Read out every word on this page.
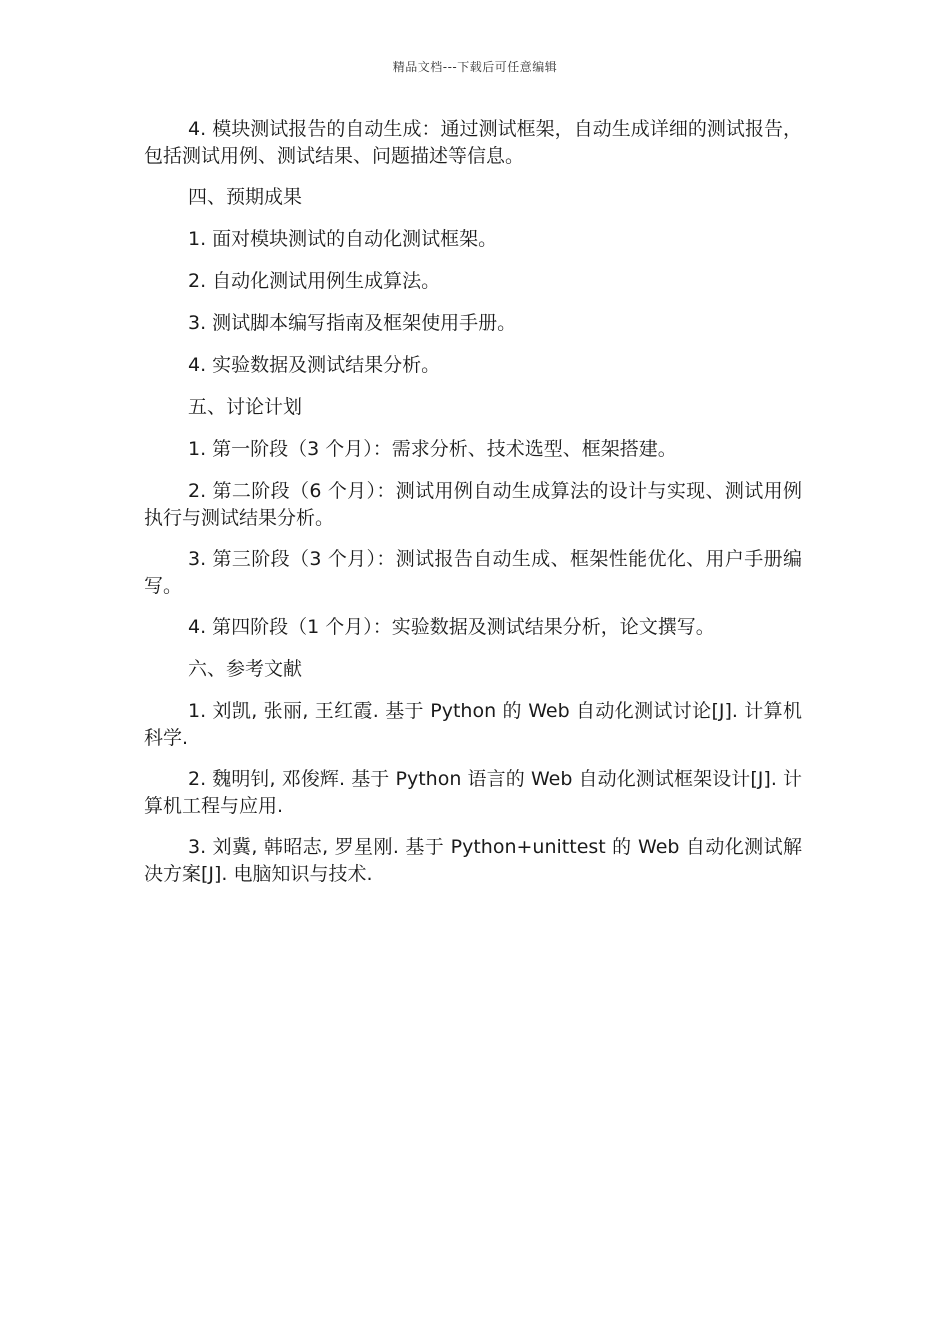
精品文档---下载后可任意编辑

4. 模块测试报告的自动生成：通过测试框架，自动生成详细的测试报告，包括测试用例、测试结果、问题描述等信息。

四、预期成果

1. 面对模块测试的自动化测试框架。

2. 自动化测试用例生成算法。

3. 测试脚本编写指南及框架使用手册。

4. 实验数据及测试结果分析。

五、讨论计划

1. 第一阶段（3 个月）：需求分析、技术选型、框架搭建。

2. 第二阶段（6 个月）：测试用例自动生成算法的设计与实现、测试用例执行与测试结果分析。

3. 第三阶段（3 个月）：测试报告自动生成、框架性能优化、用户手册编写。

4. 第四阶段（1 个月）：实验数据及测试结果分析，论文撰写。

六、参考文献

1. 刘凯, 张丽, 王红霞. 基于 Python 的 Web 自动化测试讨论[J]. 计算机科学.

2. 魏明钊, 邓俊辉. 基于 Python 语言的 Web 自动化测试框架设计[J]. 计算机工程与应用.

3. 刘冀, 韩昭志, 罗星刚. 基于 Python+unittest 的 Web 自动化测试解决方案[J]. 电脑知识与技术.
